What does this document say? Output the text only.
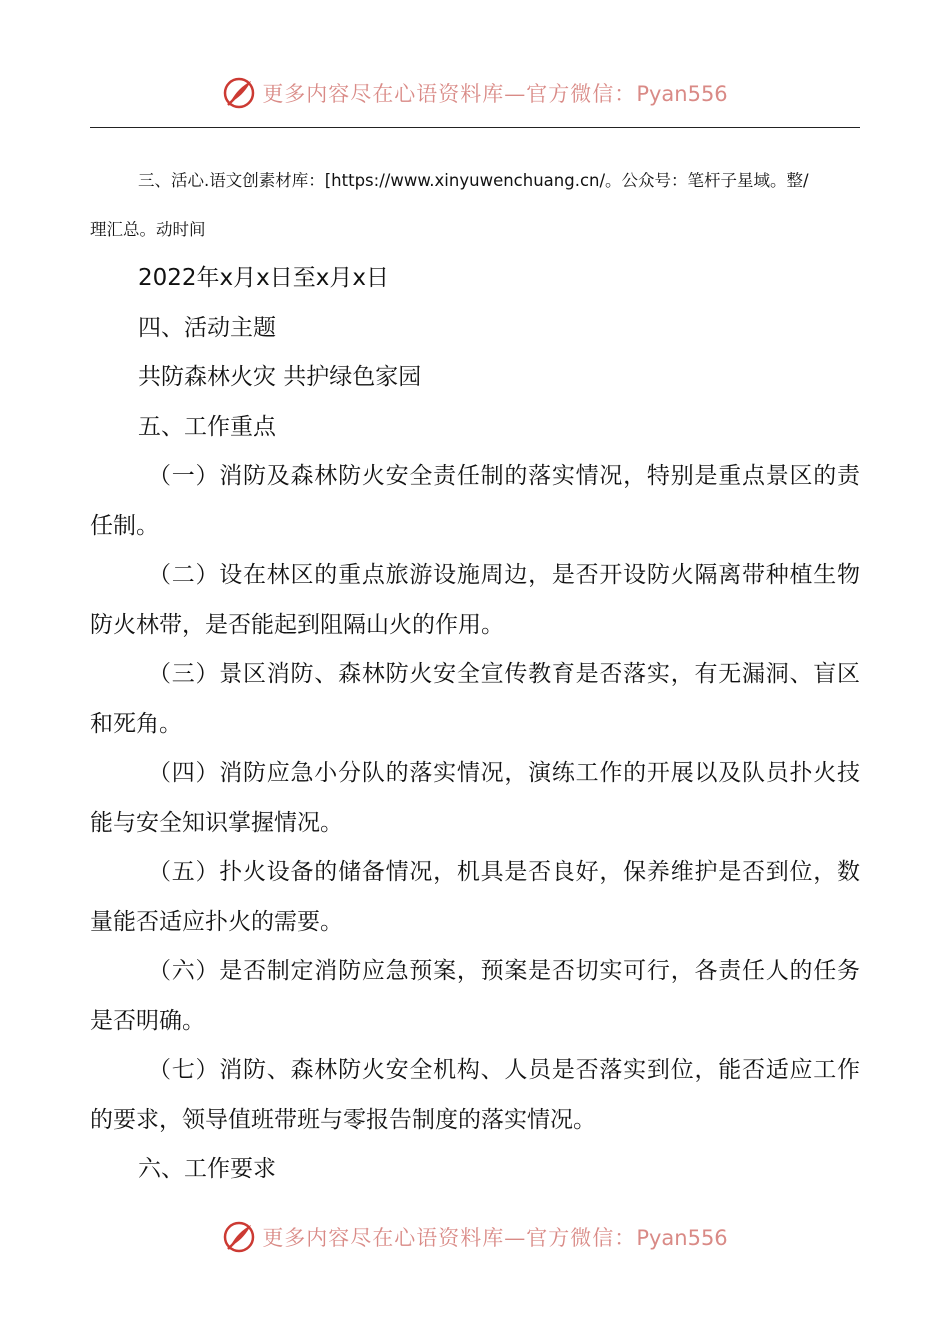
更多内容尽在心语资料库—官方微信：Pyan556

三、活心.语文创素材库：[https://www.xinyuwenchuang.cn/。公众号：笔杆子星域。整/

理汇总。动时间

2022年x月x日至x月x日

四、活动主题

共防森林火灾 共护绿色家园

五、工作重点

（一）消防及森林防火安全责任制的落实情况，特别是重点景区的责任制。

（二）设在林区的重点旅游设施周边，是否开设防火隔离带种植生物防火林带，是否能起到阻隔山火的作用。

（三）景区消防、森林防火安全宣传教育是否落实，有无漏洞、盲区和死角。

（四）消防应急小分队的落实情况，演练工作的开展以及队员扑火技能与安全知识掌握情况。

（五）扑火设备的储备情况，机具是否良好，保养维护是否到位，数量能否适应扑火的需要。

（六）是否制定消防应急预案，预案是否切实可行，各责任人的任务是否明确。

（七）消防、森林防火安全机构、人员是否落实到位，能否适应工作的要求，领导值班带班与零报告制度的落实情况。

六、工作要求

更多内容尽在心语资料库—官方微信：Pyan556
